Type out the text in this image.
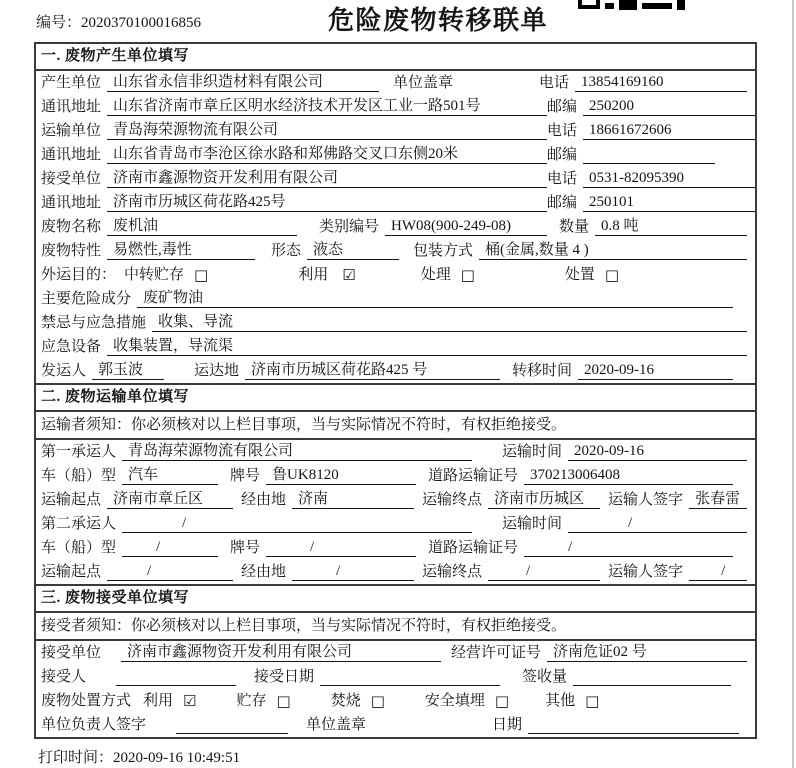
编号：2020370100016856	危险废物转移联单
一. 废物产生单位填写
产生单位 山东省永信非织造材料有限公司	单位盖章	电话 13854169160
通讯地址 山东省济南市章丘区明水经济技术开发区工业一路501号	邮编 250200
运输单位 青岛海荣源物流有限公司	电话 18661672606
通讯地址 山东省青岛市李沧区徐水路和郑佛路交叉口东侧20米	邮编
接受单位 济南市鑫源物资开发利用有限公司	电话 0531-82095390
通讯地址 济南市历城区荷花路425号	邮编 250101
废物名称 废机油	类别编号 HW08(900-249-08)	数量 0.8 吨
废物特性 易燃性,毒性	形态 液态	包装方式 桶(金属,数量 4 )
外运目的： 中转贮存 □	利用 ☑	处理 □	处置 □
主要危险成分 废矿物油
禁忌与应急措施 收集、导流
应急设备 收集装置，导流渠
发运人 郭玉波	运达地 济南市历城区荷花路425 号	转移时间 2020-09-16
二. 废物运输单位填写
运输者须知：你必须核对以上栏目事项，当与实际情况不符时，有权拒绝接受。
第一承运人 青岛海荣源物流有限公司	运输时间 2020-09-16
车（船）型 汽车	牌号 鲁UK8120	道路运输证号 370213006408
运输起点 济南市章丘区	经由地 济南	运输终点 济南市历城区	运输人签字 张春雷
第二承运人	/	运输时间	/
车（船）型	/	牌号	/	道路运输证号	/
运输起点	/	经由地	/	运输终点	/	运输人签字	/
三. 废物接受单位填写
接受者须知：你必须核对以上栏目事项，当与实际情况不符时，有权拒绝接受。
接受单位	济南市鑫源物资开发利用有限公司	经营许可证号 济南危证02 号
接受人	接受日期	签收量
废物处置方式 利用 ☑	贮存 □	焚烧 □	安全填埋 □ 其他 □
单位负责人签字	单位盖章	日期
打印时间：2020-09-16 10:49:51
